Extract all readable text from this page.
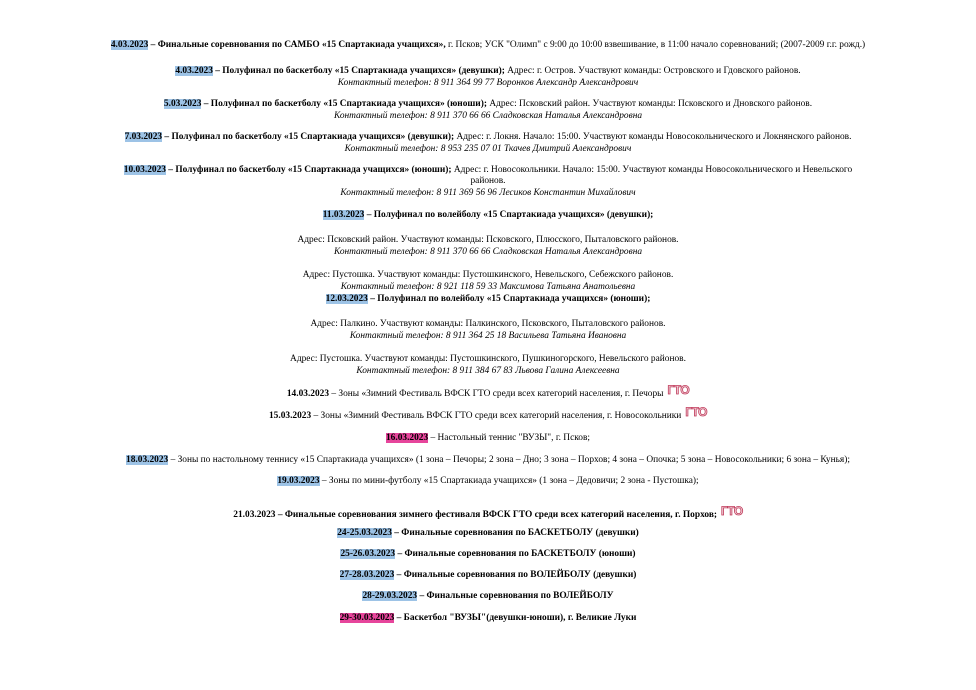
4.03.2023 – Финальные соревнования по САМБО «15 Спартакиада учащихся», г. Псков; УСК "Олимп" с 9:00 до 10:00 взвешивание, в 11:00 начало соревнований; (2007-2009 г.г. рожд.)
4.03.2023 – Полуфинал по баскетболу «15 Спартакиада учащихся» (девушки); Адрес: г. Остров. Участвуют команды: Островского и Гдовского районов.
Контактный телефон: 8 911 364 99 77 Воронков Александр Александрович
5.03.2023 – Полуфинал по баскетболу «15 Спартакиада учащихся» (юноши); Адрес: Псковский район. Участвуют команды: Псковского и Дновского районов.
Контактный телефон: 8 911 370 66 66 Сладковская Наталья Александровна
7.03.2023 – Полуфинал по баскетболу «15 Спартакиада учащихся» (девушки); Адрес: г. Локня. Начало: 15:00. Участвуют команды Новосокольнического и Локнянского районов.
Контактный телефон: 8 953 235 07 01 Ткачев Дмитрий Александрович
10.03.2023 – Полуфинал по баскетболу «15 Спартакиада учащихся» (юноши); Адрес: г. Новосокольники. Начало: 15:00. Участвуют команды Новосокольнического и Невельского
районов.
Контактный телефон: 8 911 369 56 96 Лесиков Константин Михайлович
11.03.2023 – Полуфинал по волейболу «15 Спартакиада учащихся» (девушки);
Адрес: Псковский район. Участвуют команды: Псковского, Плюсского, Пыталовского районов.
Контактный телефон: 8 911 370 66 66 Сладковская Наталья Александровна
Адрес: Пустошка. Участвуют команды: Пустошкинского, Невельского, Себежского районов.
Контактный телефон: 8 921 118 59 33 Максимова Татьяна Анатольевна
12.03.2023 – Полуфинал по волейболу «15 Спартакиада учащихся» (юноши);
Адрес: Палкино. Участвуют команды: Палкинского, Псковского, Пыталовского районов.
Контактный телефон: 8 911 364 25 18 Васильева Татьяна Ивановна
Адрес: Пустошка. Участвуют команды: Пустошкинского, Пушкиногорского, Невельского районов.
Контактный телефон: 8 911 384 67 83 Львова Галина Алексеевна
14.03.2023 – Зоны «Зимний Фестиваль ВФСК ГТО среди всех категорий населения, г. Печоры ГТО
15.03.2023 – Зоны «Зимний Фестиваль ВФСК ГТО среди всех категорий населения, г. Новосокольники ГТО
16.03.2023 – Настольный теннис "ВУЗЫ", г. Псков;
18.03.2023 – Зоны по настольному теннису «15 Спартакиада учащихся» (1 зона – Печоры; 2 зона – Дно; 3 зона – Порхов; 4 зона – Опочка; 5 зона – Новосокольники; 6 зона – Кунья);
19.03.2023 – Зоны по мини-футболу «15 Спартакиада учащихся» (1 зона – Дедовичи; 2 зона - Пустошка);
21.03.2023 – Финальные соревнования зимнего фестиваля ВФСК ГТО среди всех категорий населения, г. Порхов; ГТО
24-25.03.2023 – Финальные соревнования по БАСКЕТБОЛУ (девушки)
25-26.03.2023 – Финальные соревнования по БАСКЕТБОЛУ (юноши)
27-28.03.2023 – Финальные соревнования по ВОЛЕЙБОЛУ (девушки)
28-29.03.2023 – Финальные соревнования по ВОЛЕЙБОЛУ
29-30.03.2023 – Баскетбол "ВУЗЫ"(девушки-юноши), г. Великие Луки
